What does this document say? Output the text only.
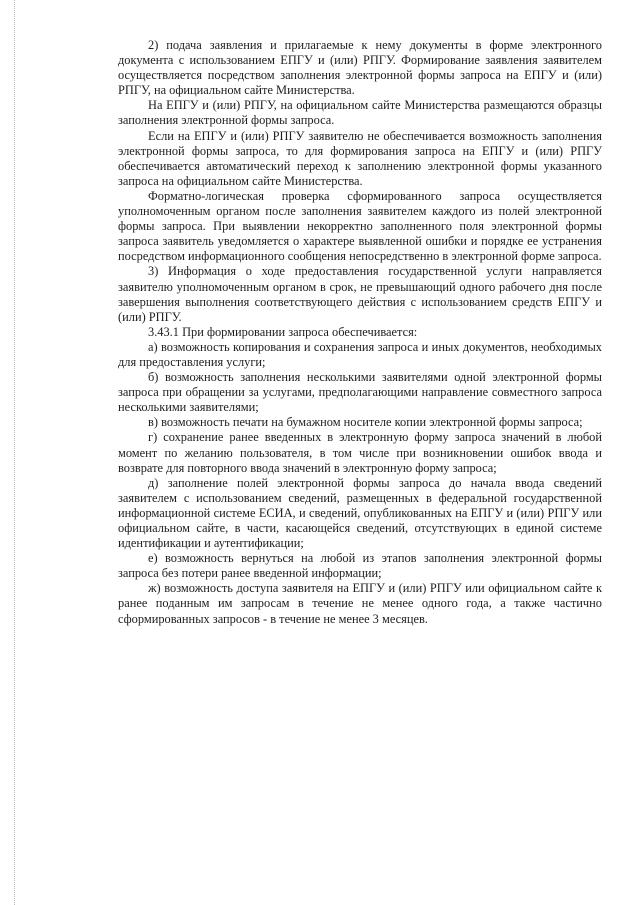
2) подача заявления и прилагаемые к нему документы в форме электронного документа с использованием ЕПГУ и (или) РПГУ. Формирование заявления заявителем осуществляется посредством заполнения электронной формы запроса на ЕПГУ и (или) РПГУ, на официальном сайте Министерства.

На ЕПГУ и (или) РПГУ, на официальном сайте Министерства размещаются образцы заполнения электронной формы запроса.

Если на ЕПГУ и (или) РПГУ заявителю не обеспечивается возможность заполнения электронной формы запроса, то для формирования запроса на ЕПГУ и (или) РПГУ обеспечивается автоматический переход к заполнению электронной формы указанного запроса на официальном сайте Министерства.

Форматно-логическая проверка сформированного запроса осуществляется уполномоченным органом после заполнения заявителем каждого из полей электронной формы запроса. При выявлении некорректно заполненного поля электронной формы запроса заявитель уведомляется о характере выявленной ошибки и порядке ее устранения посредством информационного сообщения непосредственно в электронной форме запроса.

3) Информация о ходе предоставления государственной услуги направляется заявителю уполномоченным органом в срок, не превышающий одного рабочего дня после завершения выполнения соответствующего действия с использованием средств ЕПГУ и (или) РПГУ.

3.43.1 При формировании запроса обеспечивается:

а) возможность копирования и сохранения запроса и иных документов, необходимых для предоставления услуги;

б) возможность заполнения несколькими заявителями одной электронной формы запроса при обращении за услугами, предполагающими направление совместного запроса несколькими заявителями;

в) возможность печати на бумажном носителе копии электронной формы запроса;

г) сохранение ранее введенных в электронную форму запроса значений в любой момент по желанию пользователя, в том числе при возникновении ошибок ввода и возврате для повторного ввода значений в электронную форму запроса;

д) заполнение полей электронной формы запроса до начала ввода сведений заявителем с использованием сведений, размещенных в федеральной государственной информационной системе ЕСИА, и сведений, опубликованных на ЕПГУ и (или) РПГУ или официальном сайте, в части, касающейся сведений, отсутствующих в единой системе идентификации и аутентификации;

е) возможность вернуться на любой из этапов заполнения электронной формы запроса без потери ранее введенной информации;

ж) возможность доступа заявителя на ЕПГУ и (или) РПГУ или официальном сайте к ранее поданным им запросам в течение не менее одного года, а также частично сформированных запросов - в течение не менее 3 месяцев.
